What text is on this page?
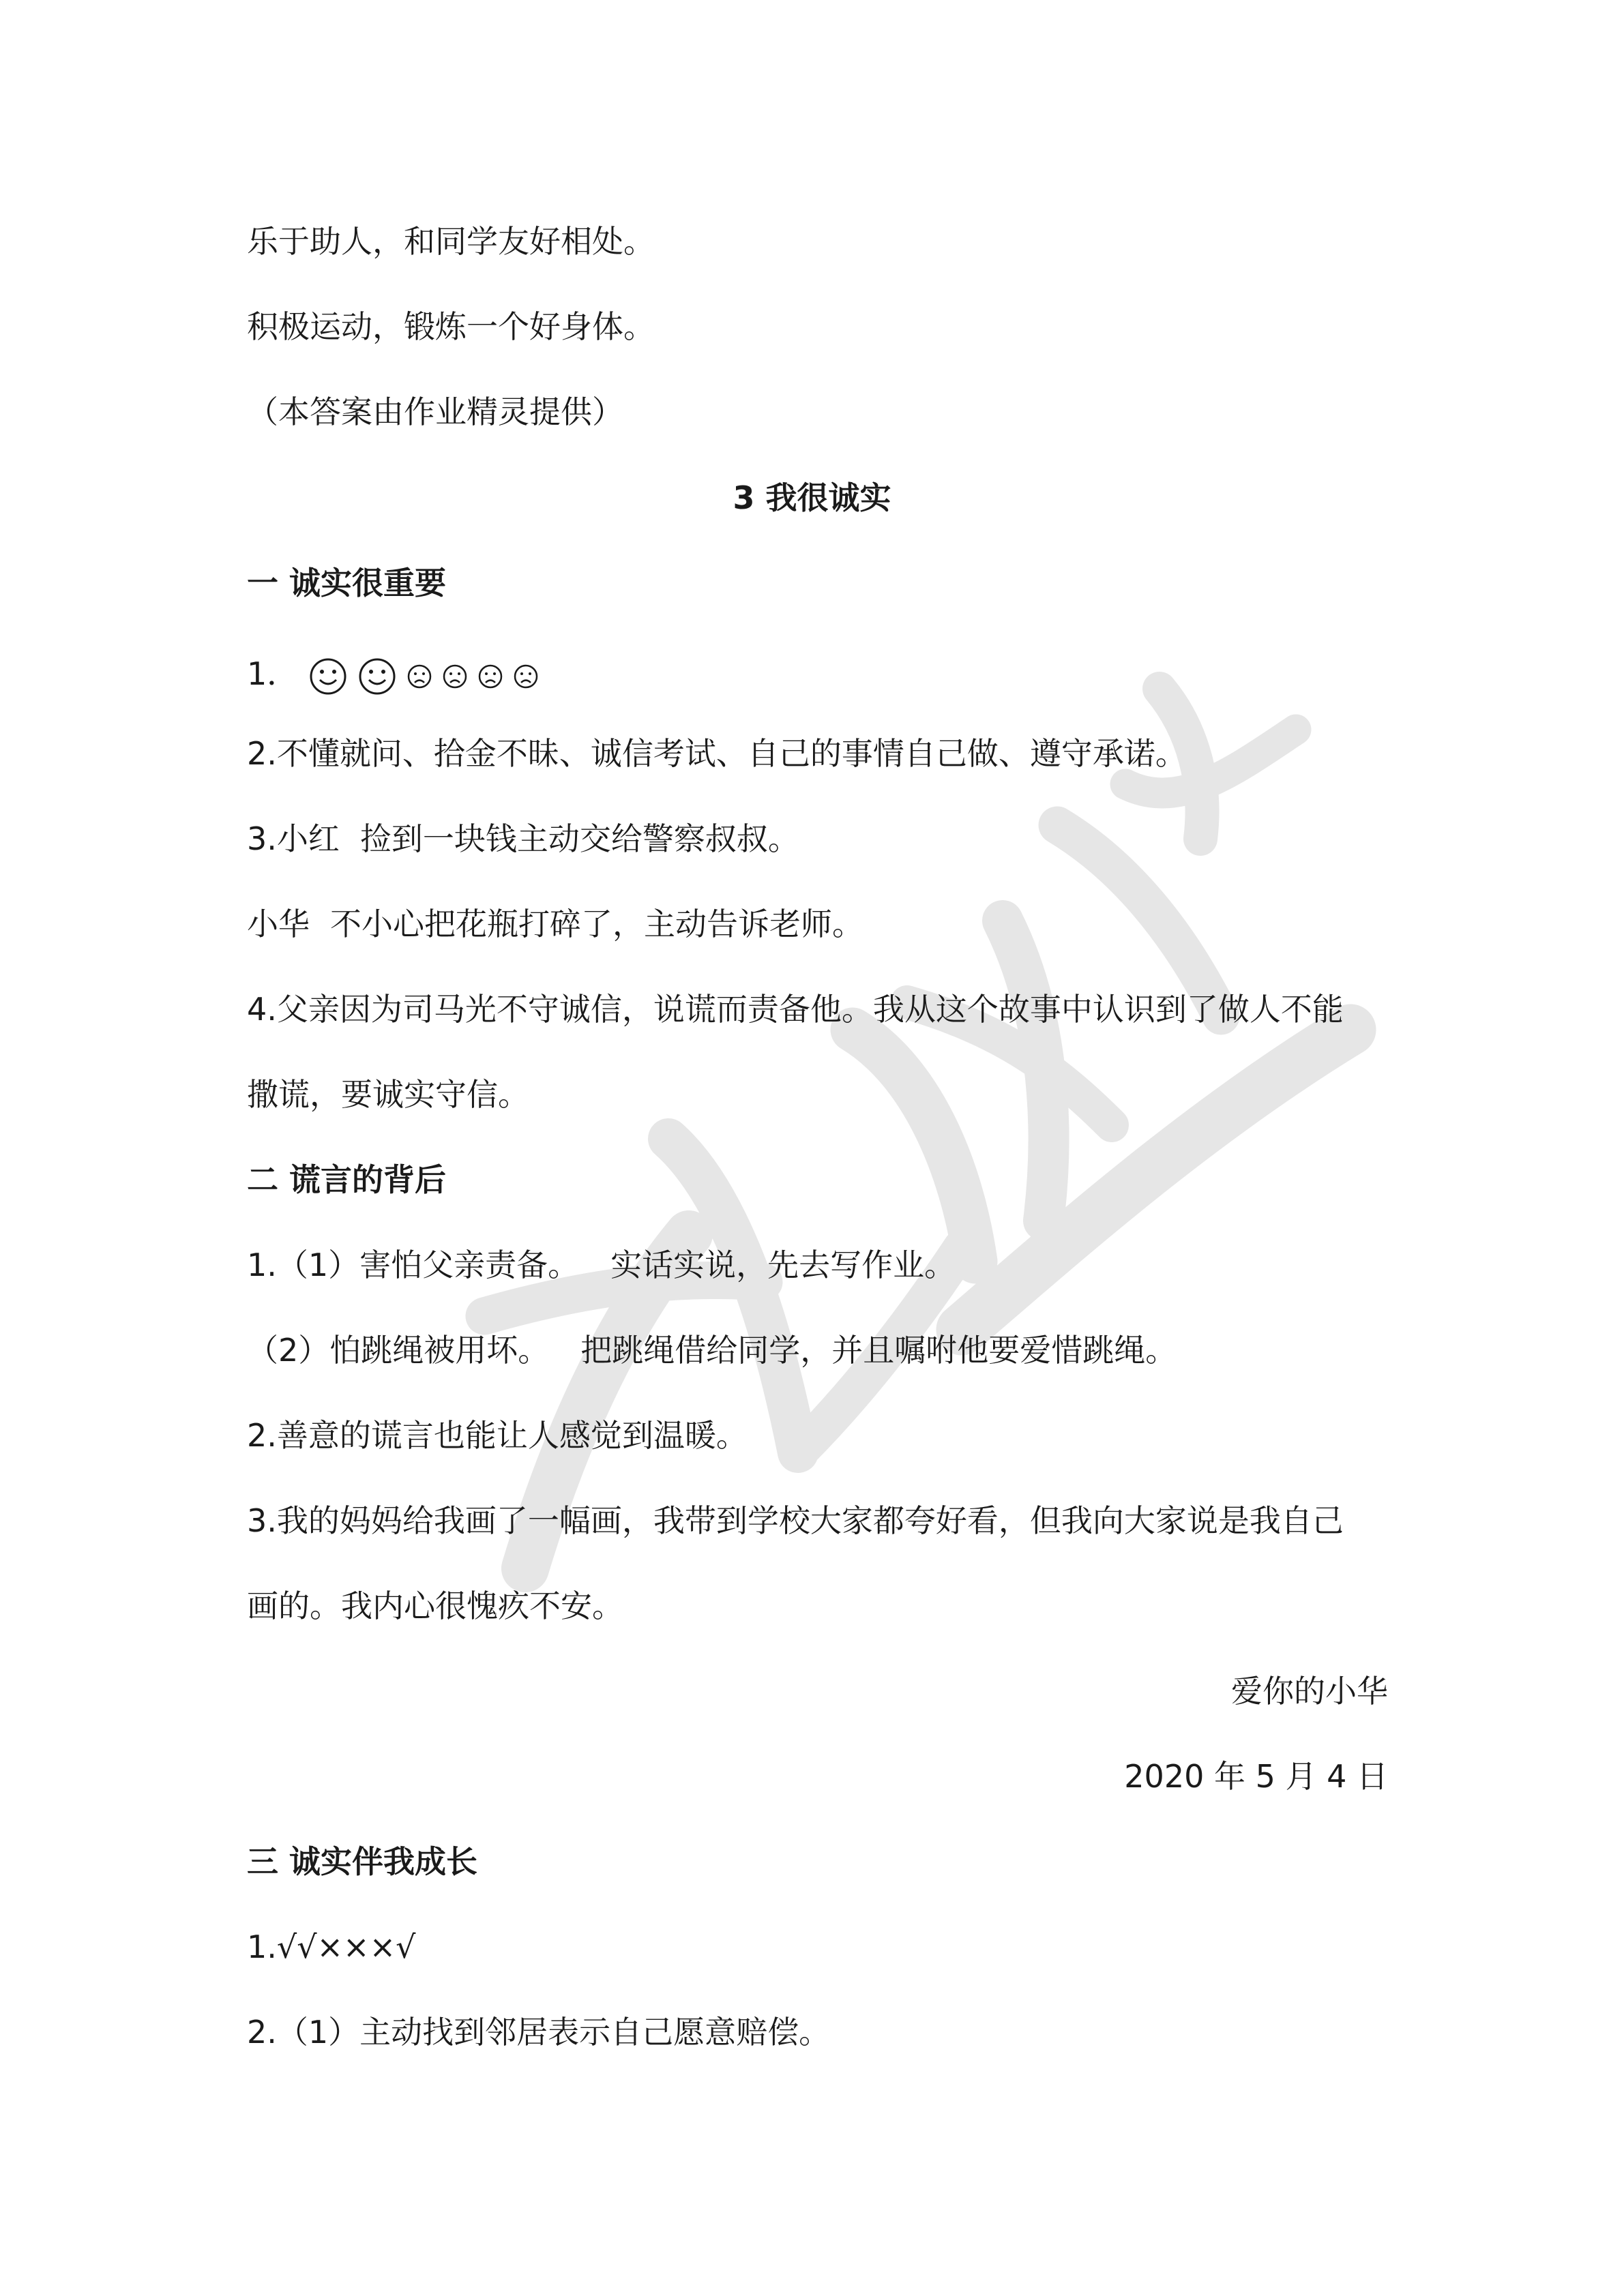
乐于助人，和同学友好相处。
积极运动，锻炼一个好身体。
（本答案由作业精灵提供）
3 我很诚实
一 诚实很重要
1．
2.不懂就问、拾金不昧、诚信考试、自己的事情自己做、遵守承诺。
3.小红 捡到一块钱主动交给警察叔叔。
小华 不小心把花瓶打碎了，主动告诉老师。
4.父亲因为司马光不守诚信，说谎而责备他。我从这个故事中认识到了做人不能
撒谎，要诚实守信。
二 谎言的背后
1.（1）害怕父亲责备。 实话实说，先去写作业。
（2）怕跳绳被用坏。 把跳绳借给同学，并且嘱咐他要爱惜跳绳。
2.善意的谎言也能让人感觉到温暖。
3.我的妈妈给我画了一幅画，我带到学校大家都夸好看，但我向大家说是我自己
画的。我内心很愧疚不安。
爱你的小华
2020 年 5 月 4 日
三 诚实伴我成长
1.√√×××√
2.（1）主动找到邻居表示自己愿意赔偿。
